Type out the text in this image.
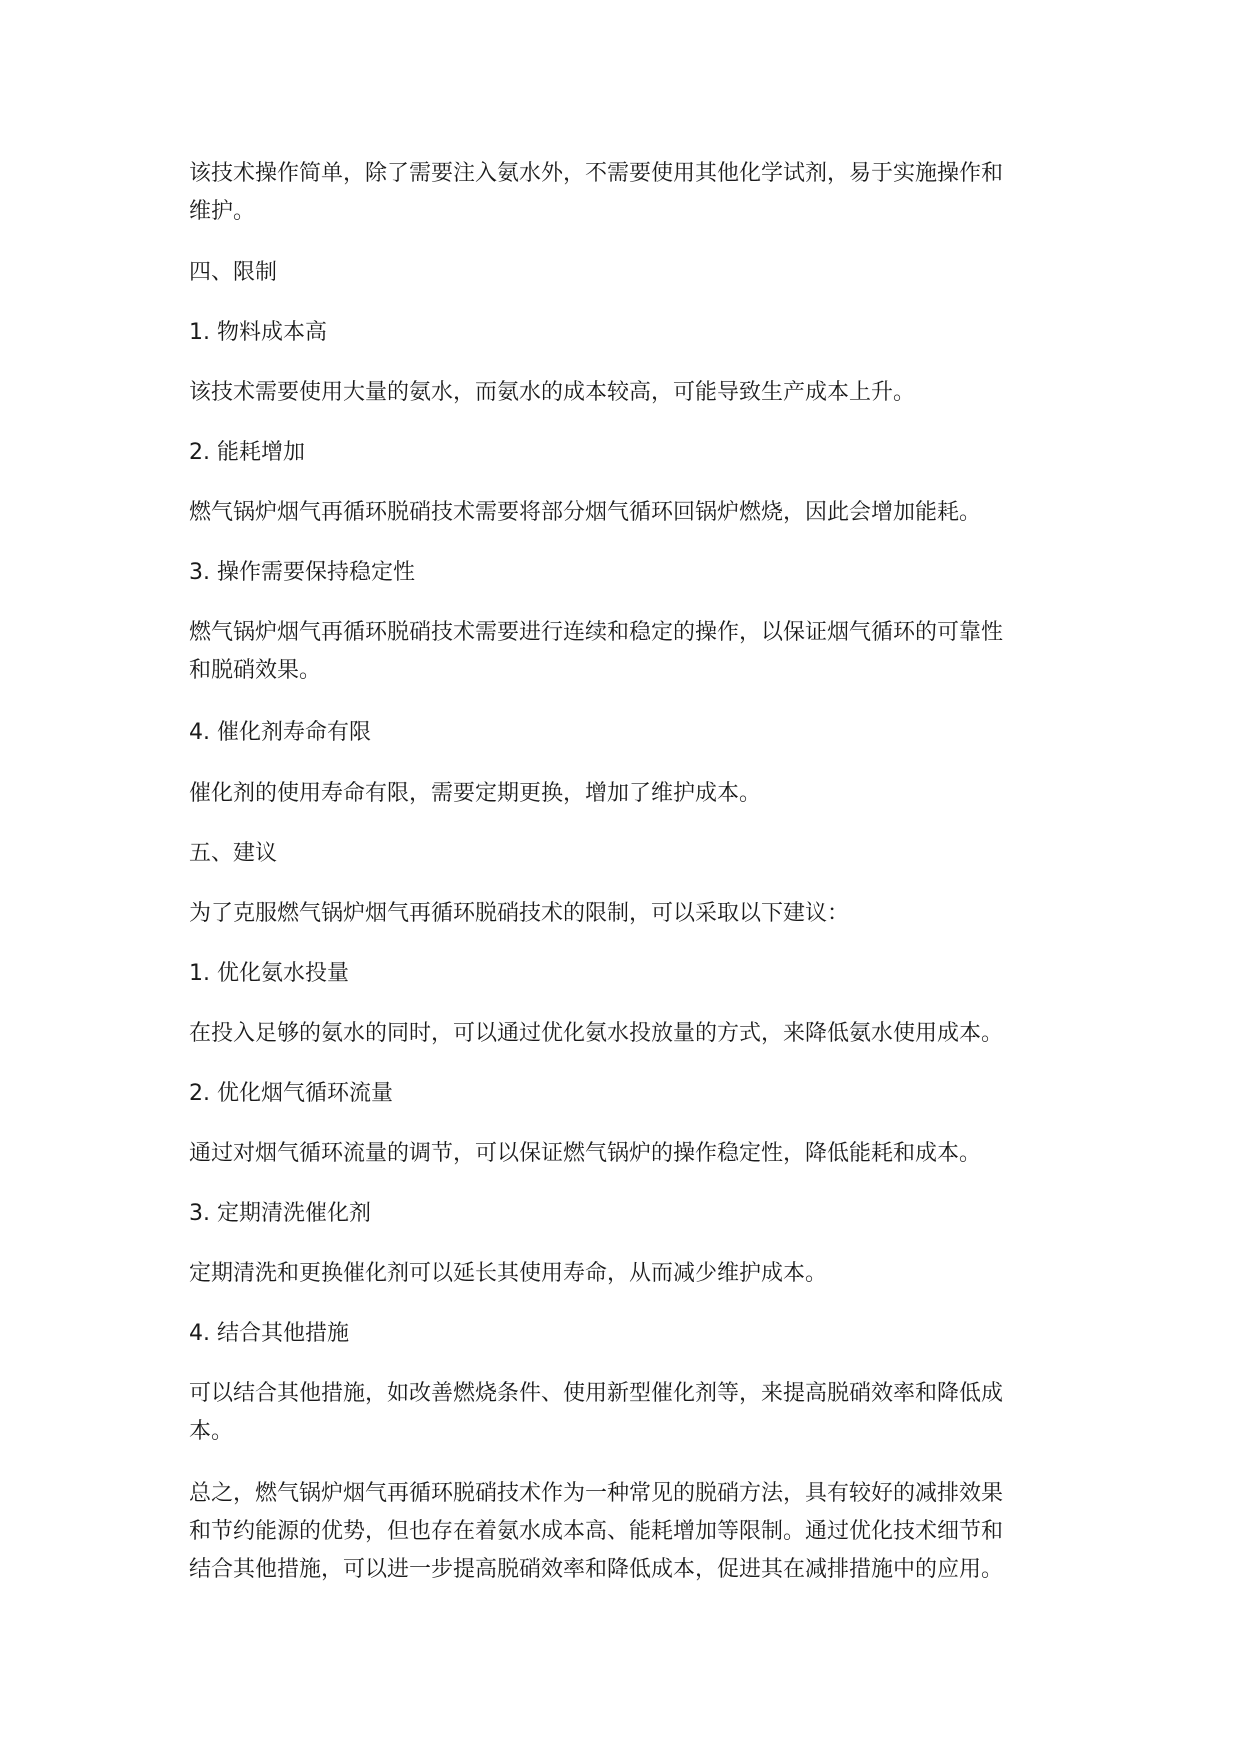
该技术操作简单，除了需要注入氨水外，不需要使用其他化学试剂，易于实施操作和
维护。
四、限制
1. 物料成本高
该技术需要使用大量的氨水，而氨水的成本较高，可能导致生产成本上升。
2. 能耗增加
燃气锅炉烟气再循环脱硝技术需要将部分烟气循环回锅炉燃烧，因此会增加能耗。
3. 操作需要保持稳定性
燃气锅炉烟气再循环脱硝技术需要进行连续和稳定的操作，以保证烟气循环的可靠性
和脱硝效果。
4. 催化剂寿命有限
催化剂的使用寿命有限，需要定期更换，增加了维护成本。
五、建议
为了克服燃气锅炉烟气再循环脱硝技术的限制，可以采取以下建议：
1. 优化氨水投量
在投入足够的氨水的同时，可以通过优化氨水投放量的方式，来降低氨水使用成本。
2. 优化烟气循环流量
通过对烟气循环流量的调节，可以保证燃气锅炉的操作稳定性，降低能耗和成本。
3. 定期清洗催化剂
定期清洗和更换催化剂可以延长其使用寿命，从而减少维护成本。
4. 结合其他措施
可以结合其他措施，如改善燃烧条件、使用新型催化剂等，来提高脱硝效率和降低成
本。
总之，燃气锅炉烟气再循环脱硝技术作为一种常见的脱硝方法，具有较好的减排效果
和节约能源的优势，但也存在着氨水成本高、能耗增加等限制。通过优化技术细节和
结合其他措施，可以进一步提高脱硝效率和降低成本，促进其在减排措施中的应用。
